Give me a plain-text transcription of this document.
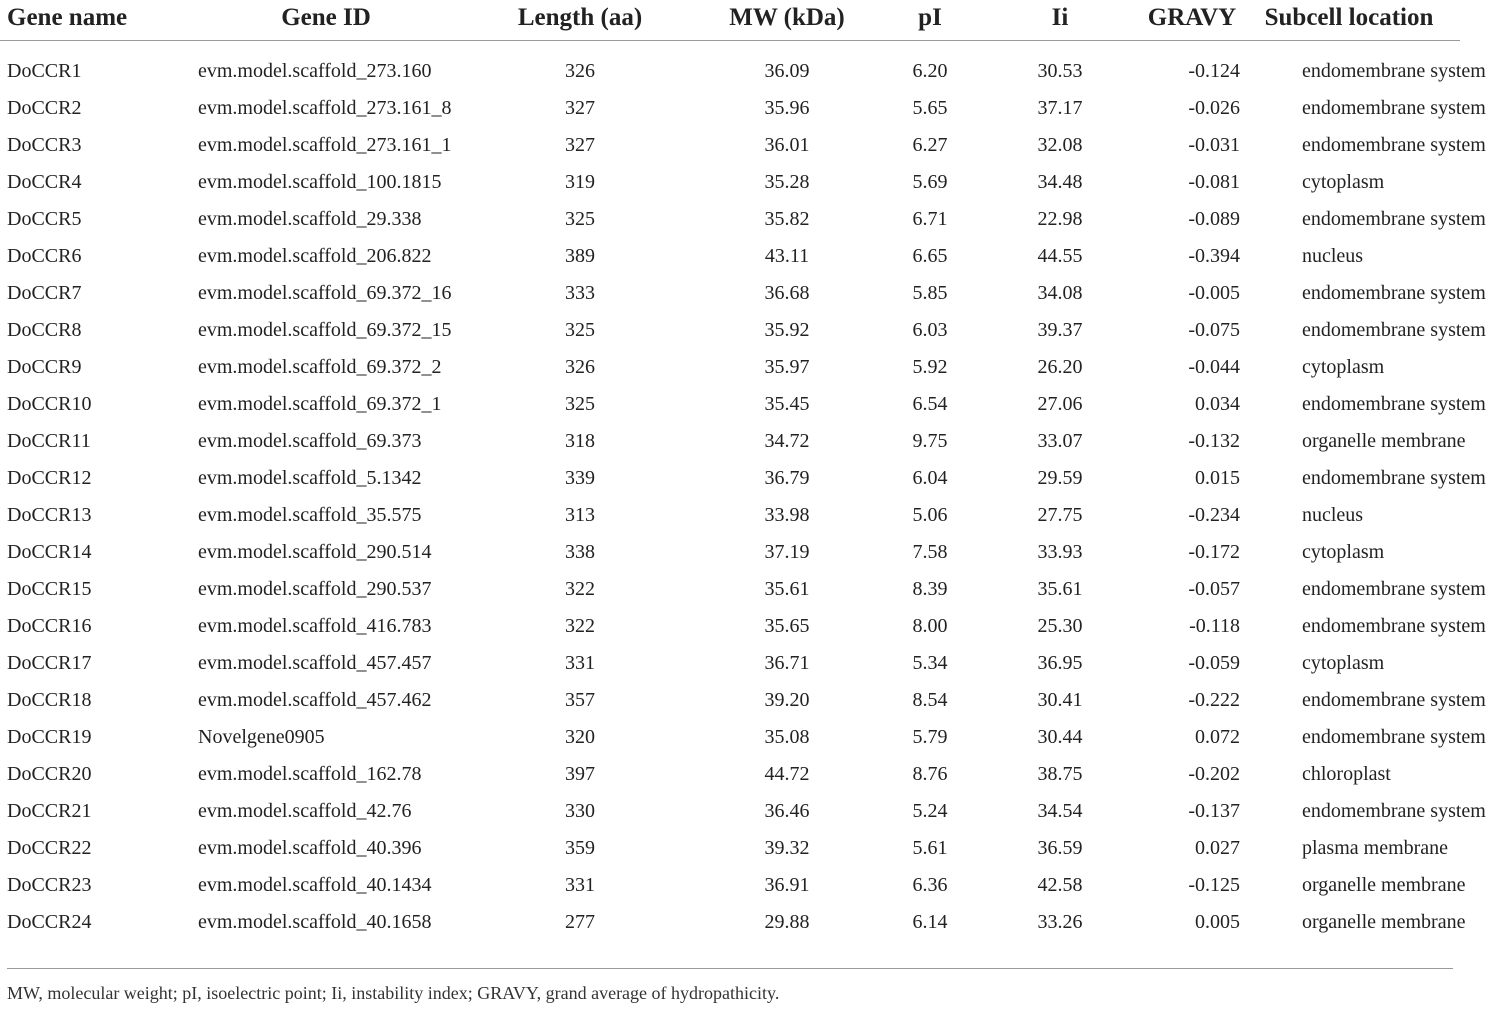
Gene name	Gene ID	Length (aa)	MW (kDa)	pI	Ii	GRAVY	Subcell location
DoCCR1	evm.model.scaffold_273.160	326	36.09	6.20	30.53	-0.124	endomembrane system
DoCCR2	evm.model.scaffold_273.161_8	327	35.96	5.65	37.17	-0.026	endomembrane system
DoCCR3	evm.model.scaffold_273.161_1	327	36.01	6.27	32.08	-0.031	endomembrane system
DoCCR4	evm.model.scaffold_100.1815	319	35.28	5.69	34.48	-0.081	cytoplasm
DoCCR5	evm.model.scaffold_29.338	325	35.82	6.71	22.98	-0.089	endomembrane system
DoCCR6	evm.model.scaffold_206.822	389	43.11	6.65	44.55	-0.394	nucleus
DoCCR7	evm.model.scaffold_69.372_16	333	36.68	5.85	34.08	-0.005	endomembrane system
DoCCR8	evm.model.scaffold_69.372_15	325	35.92	6.03	39.37	-0.075	endomembrane system
DoCCR9	evm.model.scaffold_69.372_2	326	35.97	5.92	26.20	-0.044	cytoplasm
DoCCR10	evm.model.scaffold_69.372_1	325	35.45	6.54	27.06	0.034	endomembrane system
DoCCR11	evm.model.scaffold_69.373	318	34.72	9.75	33.07	-0.132	organelle membrane
DoCCR12	evm.model.scaffold_5.1342	339	36.79	6.04	29.59	0.015	endomembrane system
DoCCR13	evm.model.scaffold_35.575	313	33.98	5.06	27.75	-0.234	nucleus
DoCCR14	evm.model.scaffold_290.514	338	37.19	7.58	33.93	-0.172	cytoplasm
DoCCR15	evm.model.scaffold_290.537	322	35.61	8.39	35.61	-0.057	endomembrane system
DoCCR16	evm.model.scaffold_416.783	322	35.65	8.00	25.30	-0.118	endomembrane system
DoCCR17	evm.model.scaffold_457.457	331	36.71	5.34	36.95	-0.059	cytoplasm
DoCCR18	evm.model.scaffold_457.462	357	39.20	8.54	30.41	-0.222	endomembrane system
DoCCR19	Novelgene0905	320	35.08	5.79	30.44	0.072	endomembrane system
DoCCR20	evm.model.scaffold_162.78	397	44.72	8.76	38.75	-0.202	chloroplast
DoCCR21	evm.model.scaffold_42.76	330	36.46	5.24	34.54	-0.137	endomembrane system
DoCCR22	evm.model.scaffold_40.396	359	39.32	5.61	36.59	0.027	plasma membrane
DoCCR23	evm.model.scaffold_40.1434	331	36.91	6.36	42.58	-0.125	organelle membrane
DoCCR24	evm.model.scaffold_40.1658	277	29.88	6.14	33.26	0.005	organelle membrane
MW, molecular weight; pI, isoelectric point; Ii, instability index; GRAVY, grand average of hydropathicity.
